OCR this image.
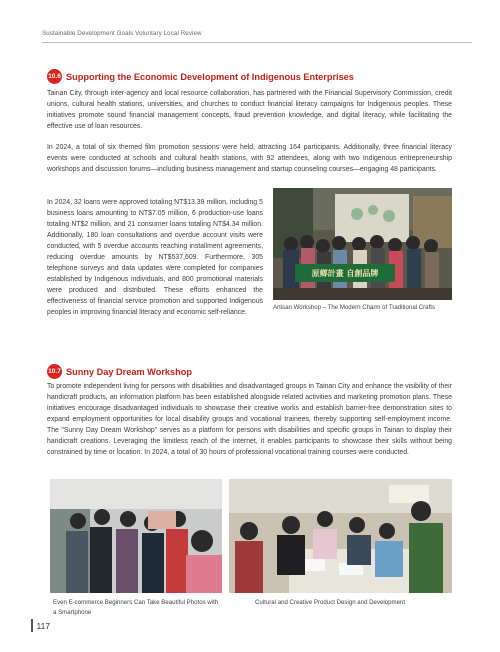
Sustainable Development Goals Voluntary Local Review
10.6 Supporting the Economic Development of Indigenous Enterprises

Tainan City, through inter-agency and local resource collaboration, has partnered with the Financial Supervisory Commission, credit unions, cultural health stations, universities, and churches to conduct financial literacy campaigns for Indigenous peoples. These initiatives promote sound financial management concepts, fraud prevention knowledge, and digital literacy, while facilitating the effective use of loan resources.

In 2024, a total of six themed film promotion sessions were held, attracting 164 participants. Additionally, three financial literacy events were conducted at schools and cultural health stations, with 92 attendees, along with two Indigenous entrepreneurship workshops and discussion forums—including business management and startup counseling courses—engaging 48 participants.

In 2024, 32 loans were approved totaling NT$13.39 million, including 5 business loans amounting to NT$7.05 million, 6 production-use loans totaling NT$2 million, and 21 consumer loans totaling NT$4.34 million. Additionally, 180 loan consultations and overdue account visits were conducted, with 5 overdue accounts reaching installment agreements, reducing overdue amounts by NT$537,609. Furthermore, 305 telephone surveys and data updates were completed for companies established by Indigenous individuals, and 800 promotional materials were produced and distributed. These efforts enhanced the effectiveness of financial service promotion and supported Indigenous peoples in improving financial literacy and economic self-reliance.

原鄉計畫 自創品牌
Artisan Workshop – The Modern Charm of Traditional Crafts
10.7 Sunny Day Dream Workshop

To promote independent living for persons with disabilities and disadvantaged groups in Tainan City and enhance the visibility of their handicraft products, an information platform has been established alongside related activities and marketing promotion plans. These initiatives encourage disadvantaged individuals to showcase their creative works and establish barrier-free demonstration sites to expand employment opportunities for local disability groups and vocational trainees, thereby supporting self-employment income. The "Sunny Day Dream Workshop" serves as a platform for persons with disabilities and specific groups in Tainan to display their handicraft creations. Leveraging the limitless reach of the internet, it enables participants to showcase their skills without being constrained by time or location. In 2024, a total of 30 hours of professional vocational training courses were conducted.

Even E-commerce Beginners Can Take Beautiful Photos with a Smartphone
Cultural and Creative Product Design and Development
117
